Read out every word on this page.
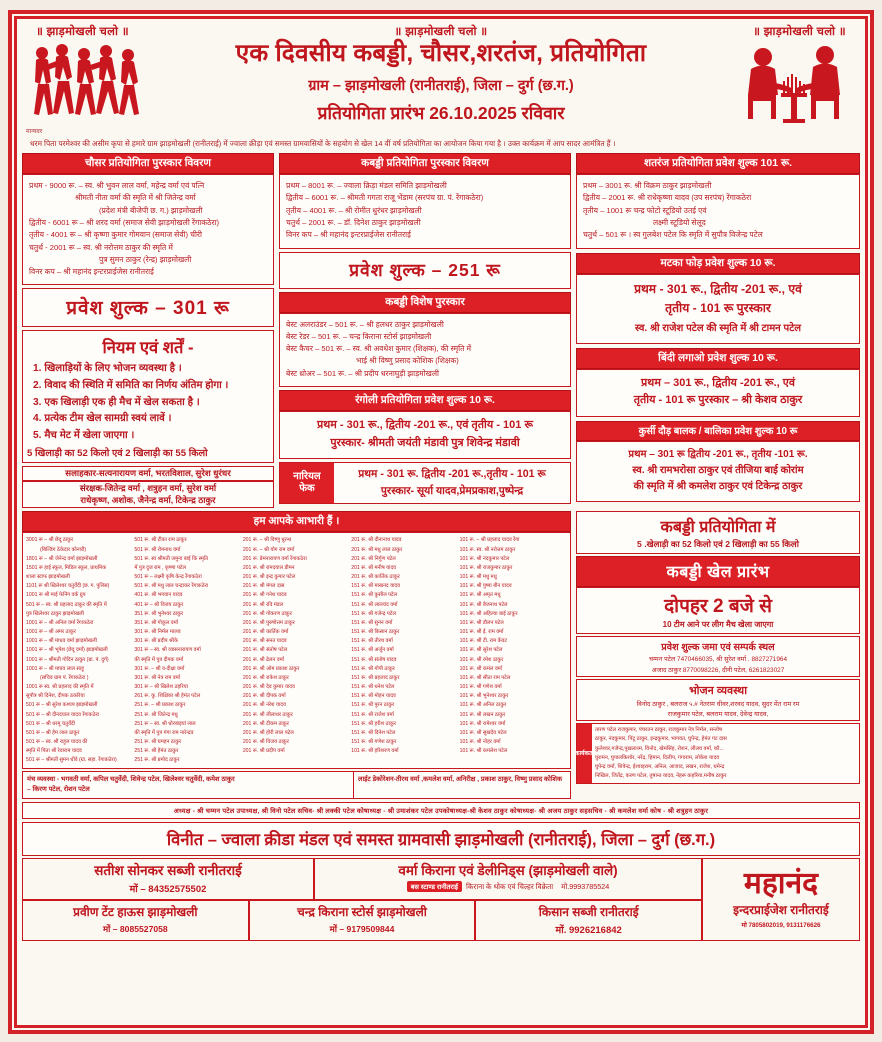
॥ झाड़मोखली चलो ॥	॥ झाड़मोखली चलो ॥	॥ झाड़मोखली चलो ॥
एक दिवसीय कबड्डी, चौसर,शरतंज, प्रतियोगिता
ग्राम – झाड़मोखली (रानीतराई), जिला – दुर्ग (छ.ग.)
प्रतियोगिता प्रारंभ 26.10.2025 रविवार
मान्यवर
धरम पिता परमेश्वर की असीम कृपा से हमारे ग्राम झाड़मोखली (रानीतराई) में ज्वाला क्रीड़ा एवं समस्त ग्रामवासियों के सहयोग से खेल 14 वीं वर्ष प्रतियोगिता का आयोजन किया गया है । उक्त कार्यक्रम में आप सादर आमंत्रित हैं ।
चौसर प्रतियोगिता पुरस्कार विवरण
प्रथम - 9000 रू. – स्व. श्री भुवन लाल वर्मा, महेन्द्र वर्मा एवं पत्नि
श्रीमती नीता वर्मा की स्मृति में श्री जितेन्द्र वर्मा
(प्रदेश मंत्री बीजेपी छ. ग.) झाड़मोखली
द्वितीय - 6001 रू – श्री शरद वर्मा (समाज सेवी झाड़मोखली रेंगाकठेरा)
तृतीय - 4001 रू – श्री कृष्णा कुमार गोमवान (समाज सेवी) चीरी
चतुर्थ - 2001 रू – स्व. श्री नरोत्तम ठाकुर की स्मृति में
पुत्र सुमन ठाकुर (रेन्द्र) झाड़मोखली
विनर कप – श्री महानंद इन्टरप्राईजेस रानीतराई
प्रवेश शुल्क – 301 रू
नियम एवं शर्तें -
1. खिलाड़ियों के लिए भोजन व्यवस्था है ।
2. विवाद की स्थिति में समिति का निर्णय अंतिम होगा ।
3. एक खिलाड़ी एक ही मैच में खेल सकता है ।
4. प्रत्येक टीम खेल सामग्री स्वयं लावें ।
5. मैच मेट में खेला जाएगा ।
5 खिलाड़ी का 52 किलो एवं 2 खिलाड़ी का 55 किलो
सलाहकार-सत्यनारायण वर्मा, भरतविशाल, सुरेश धुरंधर
संरक्षक-जितेन्द्र वर्मा , शत्रुहन वर्मा, सुरेश वर्मा
राधेकृष्ण, अशोक, जैनेन्द्र वर्मा, टिकेन्द्र ठाकुर
कबड्डी प्रतियोगिता पुरस्कार विवरण
प्रथम – 8001 रू. – ज्वाला क्रिड़ा मंडल समिति झाड़मोखली
द्वितीय – 6001 रू. – श्रीमती गगता राजू भेंडाम (सरपंच ग्रा. पं. रेंगाकठेरा)
तृतीय – 4001 रू. – श्री रोमीत धुरंधर झाड़मोखली
चतुर्थ – 2001 रू. – डॉ. दिनेश ठाकुर झाड़मोखली
विनर कप – श्री महानंद इन्टरप्राईजेस रानीतराई
प्रवेश शुल्क – 251 रू
कबड्डी विशेष पुरस्कार
बेस्ट अलराउंडर – 501 रू. – श्री हलधर ठाकुर झाड़मोखली
बेस्ट रेडर – 501 रू. – चन्द्र किराना स्टोर्स झाड़मोखली
बेस्ट कैचर – 501 रू. – स्व. श्री अवधेश कुमार (शिक्षक), की स्मृति में
भाई श्री विष्णु प्रसाद कोशिक (शिक्षक)
बेस्ट थ्रोअर – 501 रू. – श्री प्रदीप धरनाघुड़ी झाड़मोखली
रंगोली प्रतियोगिता प्रवेश शुल्क 10 रू.
प्रथम - 301 रू., द्वितीय -201 रू., एवं तृतीय - 101 रू
पुरस्कार- श्रीमती जयंती मंडावी पुत्र शिवेन्द्र मंडावी
नारियल
फेक
प्रथम - 301 रू. द्वितीय -201 रू.,तृतीय - 101 रू
पुरस्कार- सूर्या यादव,प्रेमप्रकाश,पुष्पेन्द्र
शतरंज प्रतियोगिता प्रवेश शुल्क 101 रू.
प्रथम – 3001 रू. श्री विक्रम ठाकुर झाड़मोखली
द्वितीय – 2001 रू. श्री राधेकृष्णा यादव (उप सरपंच) रेंगाकठेरा
तृतीय – 1001 रू चन्द्र फोटो स्टूडियो उतई एवं
लक्ष्मी स्टूडियो सेलूद
चतुर्थ – 501 रू । स्व गुलबेश पटेल कि स्मृति में सुपौत्र विजेन्द्र पटेल
मटका फोड़ प्रवेश शुल्क 10 रू.
प्रथम - 301 रू., द्वितीय -201 रू., एवं
तृतीय - 101 रू पुरस्कार
स्व. श्री राजेश पटेल की स्मृति में श्री टामन पटेल
बिंदी लगाओ प्रवेश शुल्क 10 रू.
प्रथम – 301 रू., द्वितीय -201 रू., एवं
तृतीय - 101 रू पुरस्कार – श्री केशव ठाकुर
कुर्सी दौड़ बालक / बालिका प्रवेश शुल्क 10 रू
प्रथम – 301 रू द्वितीय -201 रू., तृतीय -101 रू.
स्व. श्री रामभरोसा ठाकुर एवं तीजिया बाई कोरांम
की स्मृति में श्री कमलेश ठाकुर एवं टिकेन्द्र ठाकुर
हम आपके आभारी हैं ।
3001 रू – श्री छेदू ठाकुर
(बिल्डिंग ठेकेदार कोनारी)
1801 रू – श्री जेनेन्द्र वर्मा झाड़मोखली
1501 रू हाई स्कूल, मिडिल स्कूल, प्राथमिक
शाला स्टाफ झाड़मोखली
1101 रू श्री खिलेश्वर चतुर्वेदी (छ. ग. पुलिस)
1001 रू श्री माई फेनिंग वर्क ग्रुप
501 रू – स्व. श्री प्रहलाद ठाकुर की स्मृति में
पुत्र खिलेश्वर ठाकुर झाड़मोखली
1001 रू – श्री अनिल वर्मा रेंगाकठेरा
1001 रू – श्री अमर ठाकुर
1001 रू – श्री माधव वर्मा झाड़मोखली
1001 रू – श्री भूपेश (छेदू वर्मा) झाड़मोखली
1001 रू – श्रीमती गोदिन ठाकुर (ग्रा. पं. दुर्ग)
1001 रू – श्री माघव लाल साहू
(सचिव ग्राम पं. रेंगाकठेरा )
1001 रू स्व. श्री प्रहलाद की स्मृति में
सुपौत्र श्री दिनेश, दीपक ठकरिया
501 रू – श्री सुरेश कश्यप झाड़मोखली
501 रू – श्री दीनदयाल यादव रेंगाकठेरा
501 रू – श्री धरमू चतुर्वेदी
501 रू – श्री हेम लाल ठाकुर
501 रू – स्व. श्री राहुल यादव की
स्मृति में पिता श्री रेवाराम यादव
501 रू – श्रीमती सुमन धीवे (ग्रा. सहा. रेंगाकठेरा)
501 रू. श्री टीका राम ठाकुर
501 रू. श्री रोमनाथ वर्मा
501 रू. स्व श्रीमती जमुना बाई कि स्मृति
में पुत्र दुज राम , कृष्णा पटेल
501 रू – लक्ष्मी कृषि केन्द्र रेंगाकठेरा
501 रू. श्री मधु लाल चन्द्राकर रेंगाकठेरा
401 रू. श्री भगवान यादव
401 रू – श्री विजय ठाकुर
351 रू. श्री भुनेश्वर ठाकुर
351 रू. श्री गोकुल वर्मा
301 रू. श्री निर्मल मालव
301 रू. श्री प्रदीप श्रीके
301 रू – स्व. श्री व्यासनारायण वर्मा
की स्मृति में पुत्र दीपक वर्मा
301 रू. – श्री व-दीक्षा वर्मा
301 रू. श्री नेत्र राम वर्मा
301 रू – श्री खिलेश ठहरिया
261 रू. कु. शिक्षिका श्री हेमंत पटेल
251 रू. – श्री प्रकाश ठाकुर
251 रू. श्री जितेन्द्र मधु
251 रू – स्व. श्री धोरबाइयां लाल
की स्मृति में पुत्र गंगा राम नारेन्द्रव
251 रू. श्री घमहन ठाकुर
251 रू. श्री हेमंत ठाकुर
251 रू. श्री प्रमोद ठाकुर
201 रू. – श्री विष्णु धुरन्ध
201 रू. – श्री योग राम वर्मा
201 रू. प्रेमनारायण वर्मा रेंगाकठेरा
201 रू. श्री रामदयाल डीमन
201 रू. श्री इन्द्र कुमार पटेल
201 रू. श्री मंगल दास
201 रू. श्री गनेश यादव
201 रू. श्री रवि मंडल
201 रू. श्री गोकरण ठाकुर
201 रू. श्री पुरुषोत्तम ठाकुर
201 रू. श्री कार्तिक वर्मा
201 रू. श्री सनत यादव
201 रू. श्री संतोष पटेल
201 रू. श्री ढेलन वर्मा
201 रू. श्री ओम प्रकाश ठाकुर
201 रू. श्री राकेश ठाकुर
201 रू. श्री देव कुमार यादव
201 रू. श्री दीपक वर्मा
201 रू. श्री नरेश यादव
201 रू. श्री लीलाधर ठाकुर
201 रू. श्री टीकम ठाकुर
201 रू. श्री होरी लाल पटेल
201 रू. श्री विजय ठाकुर
201 रू. श्री प्रदीप वर्मा
201 रू. श्री दीनानाथ यादव
201 रू. श्री मधु लाल ठाकुर
201 रू. श्री निर्गुण पटेल
201 रू. श्री मनीष यादव
201 रू. श्री कार्तिक ठाकुर
151 रू. श्री माखनद यादव
151 रू. श्री कुसील पटेल
151 रू. श्री लालचंद वर्मा
151 रू. श्री गजेन्द्र पटेल
151 रू. श्री सुनन वर्मा
151 रू. श्री किसान ठाकुर
151 रू. श्री तीरथ वर्मा
151 रू. श्री अर्जुन वर्मा
151 रू. श्री संतोष यादव
151 रू. श्री गोपी ठाकुर
151 रू. श्री प्रहलाद ठाकुर
151 रू. श्री धनेश पटेल
151 रू. श्री मोहन यादव
151 रू. श्री पुरन ठाकुर
151 रू. श्री राजेश वर्मा
151 रू. श्री हरीश ठाकुर
151 रू. श्री दिनेश पटेल
151 रू. श्री गणेश ठाकुर
101 रू. श्री हरिशरण वर्मा
101 रू. – श्री प्रहलाद यादव रेंगा
101 रू. स्व. श्री नरोत्तम ठाकुर
101 रू. श्री नंदकुमार पटेल
101 रू. श्री राजकुमार ठाकुर
101 रू. श्री मधु मधु
101 रू. श्री पुष्पा बीन यादव
101 रू. श्री अमृत मधु
101 रू. श्री बैजनाथ पटेल
101 रू. श्री अहिल्या बाई ठाकुर
101 रू. श्री डौलन पटेल
101 रू. श्री ई. राम वर्मा
101 रू. श्री टी. राम केंवट
101 रू. श्री सुरेश पटेल
101 रू. श्री रमेश ठाकुर
101 रू. श्री कमल वर्मा
101 रू. श्री सीता राम पटेल
101 रू. श्री गणेश वर्मा
101 रू. श्री भुनेश्वर ठाकुर
101 रू. श्री अनिल ठाकुर
101 रू. श्री लखन ठाकुर
101 रू. श्री रामेश्वर वर्मा
101 रू. श्री सुखदेव पटेल
101 रू. श्री नोहर वर्मा
101 रू. श्री कमलेश पटेल
मंच व्यवस्था - भगवती वर्मा, कपिल चतुर्वेदी, शिवेन्द्र पटेल, खिलेश्वर चतुर्वेदी, कमेश ठाकुर
– किरण पटेल, रोशन पटेल
लाईट डेकोरेशन-तीरथ वर्मा ,कमलेश वर्मा, अनिरीक्ष , प्रकाश ठाकुर, विष्णु प्रसाद कोशिक
कबड्डी प्रतियोगिता में
5 .खेलाड़ी का 52 किलो एवं 2 खिलाड़ी का 55 किलो
कबड्डी खेल प्रारंभ
दोपहर 2 बजे से
10 टीम आने पर लीग मैच खेला जाएगा
प्रवेश शुल्क जमा एवं सम्पर्क स्थल
चम्मन पटेल 7470466035, श्री सुरेश वर्मा . 8827271964
अजाद ठाकुर 8770098226, दीनी पटेल, 6261823027
भोजन व्यवस्था
विनोद ठाकुर , बलराज ५.# नेतराम धीवर,शरवद यादव, सुदर मेंत राम रम
राजकुमार पटेल, बलराम यादव, देवेन्द्र यादव,
कार्यकर्ता
तारण पटेल राजकुमार, पंचरतन ठाकुर, राजकुमार नेत्र निर्मल, सन्तोष
ठाकुर, नंदकुमार, पिंटू ठाकुर, इन्द्रकुमार, भागवत, घुपेन्द्र, हेमंत गट दास
कुलेश्वर,गजेन्द्र,पुखलात्त्म, विनोद, खेमसिंह, रोशन, लीलव वर्मा, कौ...
घुरामन, घुपालकिशोर, नरेंद्र, हिमान, दिलीप, गंगाराम, लोकेश यादव
घुपेन्द्र वर्मा, शिवेन्द्र, ईश्वाइराम, अनिल, आजाद, लखन, राजेश, धमेन्द्र
निखिल, जितेंद्र, करण पटेल, तुषान्त यादव, नेहरू कहरिया,मनीष ठाकुर
अध्यक्ष - श्री चम्मन पटेल उपाध्यक्ष, श्री विनो पटेल सचिव- श्री लक्की पटेल कोषाध्यक्ष - श्री उमाशंकर पटेल उपकोषाध्यक्ष-श्री केशव ठाकुर कोषाध्यक्ष- श्री अजय ठाकुर सहसचिव - श्री कमलेश वर्मा कोष - श्री शत्रुहन ठाकुर
विनीत – ज्वाला क्रीडा मंडल एवं समस्त ग्रामवासी झाड़मोखली (रानीतराई), जिला – दुर्ग (छ.ग.)
सतीश सोनकर सब्जी रानीतराई
मों – 84352575502
वर्मा किराना एवं डेलीनिड्स (झाड़मोखली वाले)
बस स्टाण्ड रानीतराई किराना के थोक एवं चिल्हर विक्रेता मो.9993785524
प्रवीण टेंट हाऊस झाड़मोखली
मों – 8085527058
चन्द्र किराना स्टोर्स झाड़मोखली
मों – 9179509844
किसान सब्जी रानीतराई
मों. 9926216842
महानंद
इन्दरप्राईजेश रानीतराई
मो 7805802019, 9131176626
